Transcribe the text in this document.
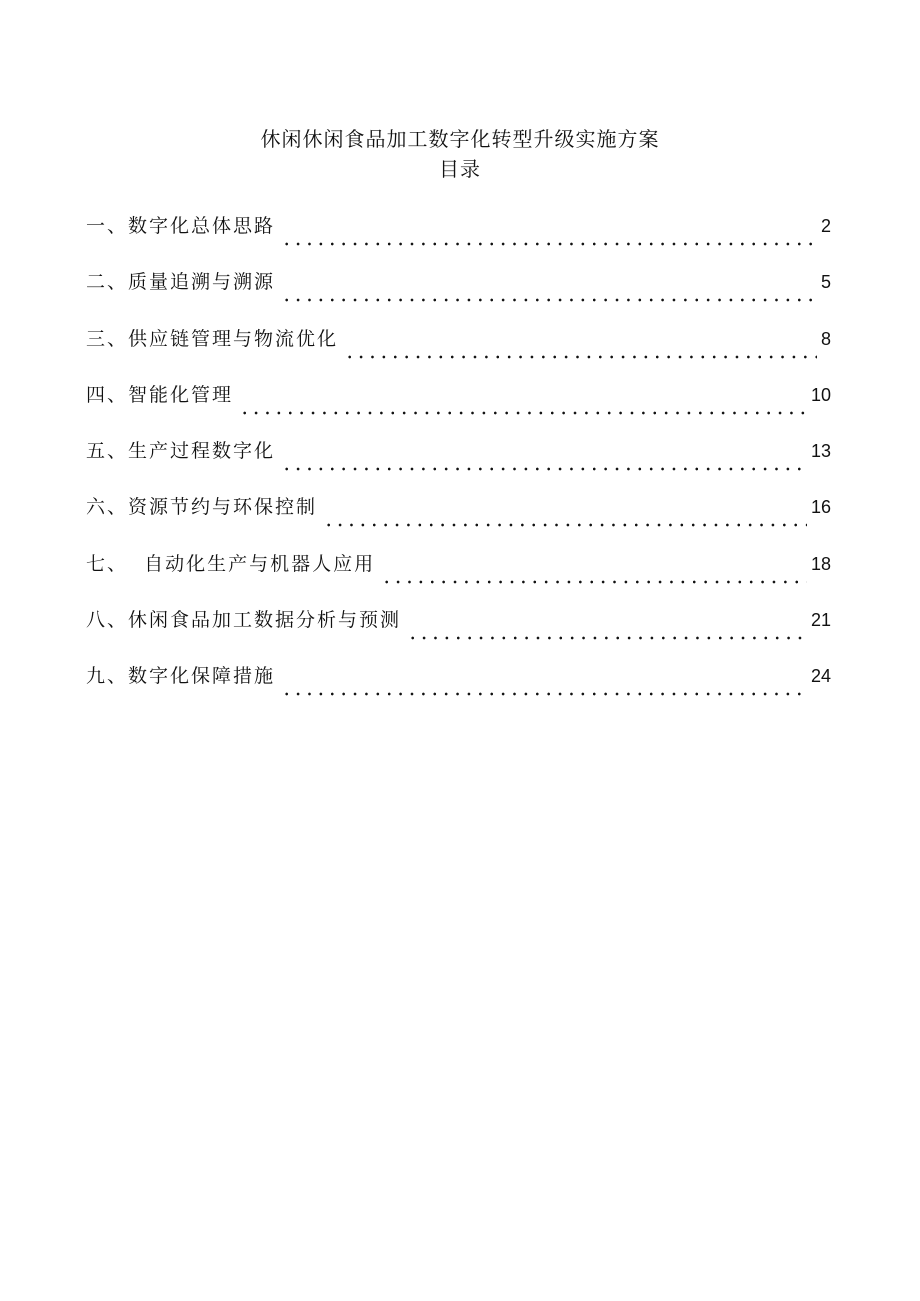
休闲休闲食品加工数字化转型升级实施方案
目录
一、数字化总体思路	2
二、质量追溯与溯源	5
三、供应链管理与物流优化	8
四、智能化管理	10
五、生产过程数字化	13
六、资源节约与环保控制	16
七、  自动化生产与机器人应用	18
八、休闲食品加工数据分析与预测	21
九、数字化保障措施	24
